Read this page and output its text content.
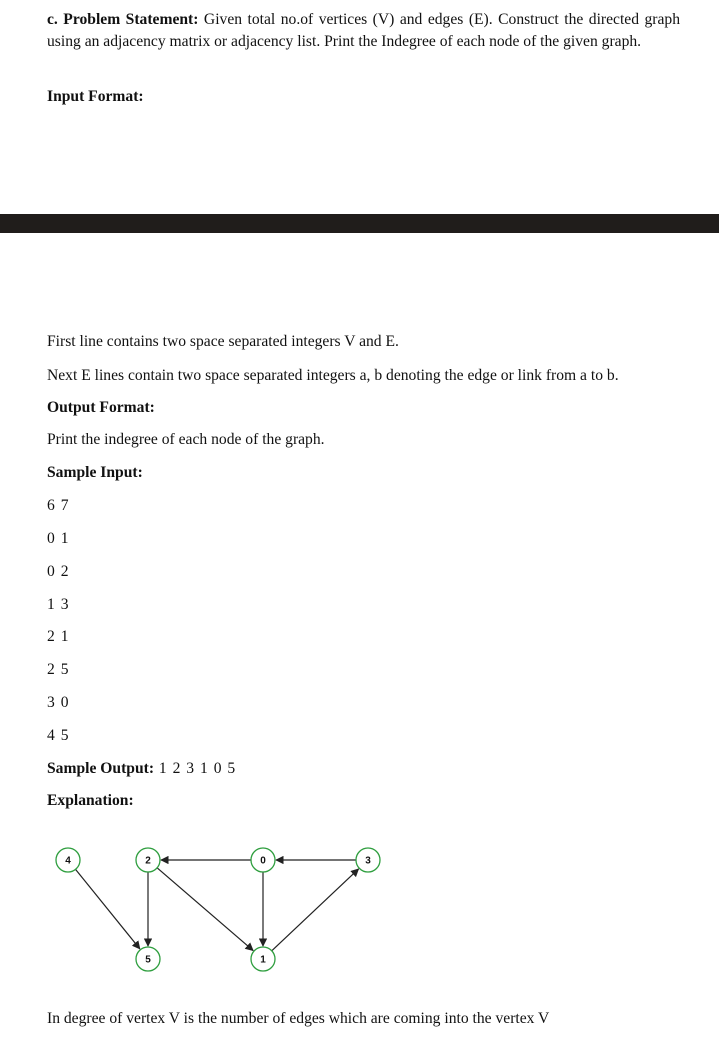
c. Problem Statement: Given total no.of vertices (V) and edges (E). Construct the directed graph using an adjacency matrix or adjacency list. Print the Indegree of each node of the given graph.

Input Format:

First line contains two space separated integers V and E.

Next E lines contain two space separated integers a, b denoting the edge or link from a to b.

Output Format:

Print the indegree of each node of the graph.

Sample Input:

6 7

0 1

0 2

1 3

2 1

2 5

3 0

4 5

Sample Output: 1 2 3 1 0 5

Explanation:

4	2	0	3
5	1

In degree of vertex V is the number of edges which are coming into the vertex V
